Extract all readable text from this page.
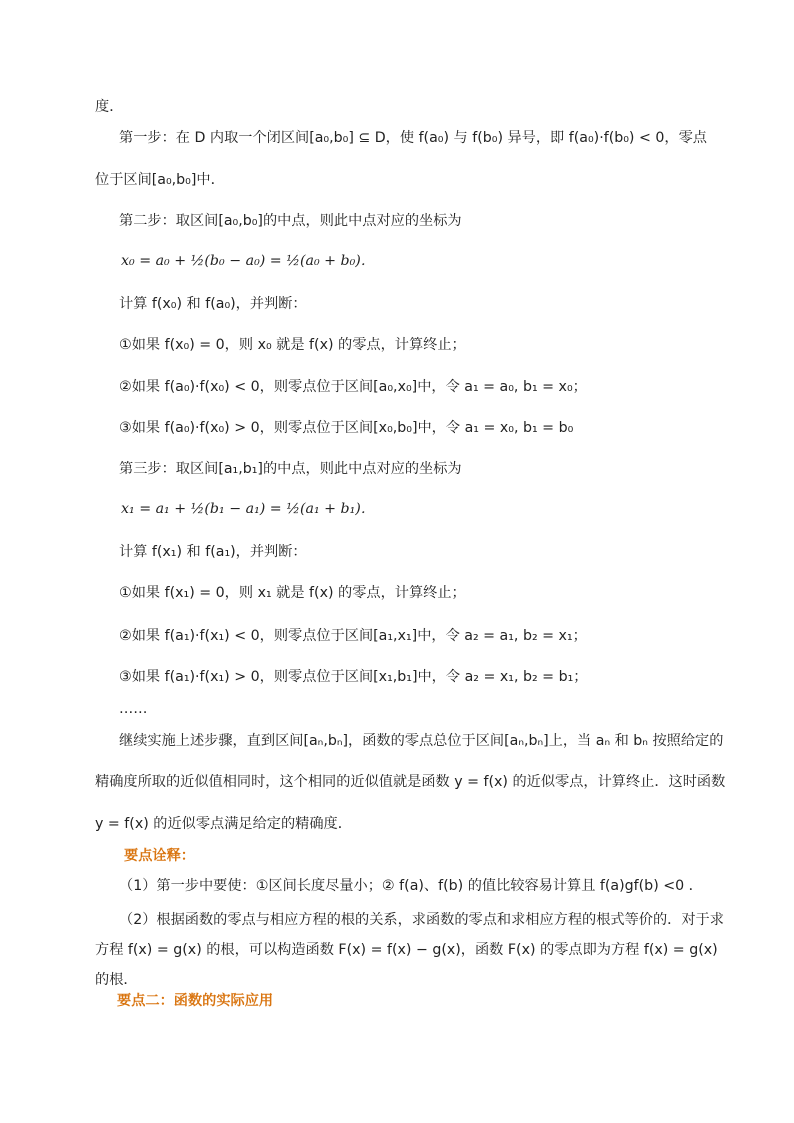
度．
第一步：在 D 内取一个闭区间[a₀,b₀] ⊆ D，使 f(a₀) 与 f(b₀) 异号，即 f(a₀)·f(b₀) < 0，零点
位于区间[a₀,b₀]中．
第二步：取区间[a₀,b₀]的中点，则此中点对应的坐标为
x₀ = a₀ + ½(b₀ − a₀) = ½(a₀ + b₀)．
计算 f(x₀) 和 f(a₀)，并判断：
①如果 f(x₀) = 0，则 x₀ 就是 f(x) 的零点，计算终止；
②如果 f(a₀)·f(x₀) < 0，则零点位于区间[a₀,x₀]中，令 a₁ = a₀, b₁ = x₀；
③如果 f(a₀)·f(x₀) > 0，则零点位于区间[x₀,b₀]中，令 a₁ = x₀, b₁ = b₀
第三步：取区间[a₁,b₁]的中点，则此中点对应的坐标为
x₁ = a₁ + ½(b₁ − a₁) = ½(a₁ + b₁)．
计算 f(x₁) 和 f(a₁)，并判断：
①如果 f(x₁) = 0，则 x₁ 就是 f(x) 的零点，计算终止；
②如果 f(a₁)·f(x₁) < 0，则零点位于区间[a₁,x₁]中，令 a₂ = a₁, b₂ = x₁；
③如果 f(a₁)·f(x₁) > 0，则零点位于区间[x₁,b₁]中，令 a₂ = x₁, b₂ = b₁；
……
继续实施上述步骤，直到区间[aₙ,bₙ]，函数的零点总位于区间[aₙ,bₙ]上，当 aₙ 和 bₙ 按照给定的
精确度所取的近似值相同时，这个相同的近似值就是函数 y = f(x) 的近似零点，计算终止．这时函数
y = f(x) 的近似零点满足给定的精确度．
要点诠释：
（1）第一步中要使：①区间长度尽量小；② f(a)、f(b) 的值比较容易计算且 f(a)gf(b) <0 ．
（2）根据函数的零点与相应方程的根的关系，求函数的零点和求相应方程的根式等价的．对于求
方程 f(x) = g(x) 的根，可以构造函数 F(x) = f(x) − g(x)，函数 F(x) 的零点即为方程 f(x) = g(x)
的根．
要点二：函数的实际应用
